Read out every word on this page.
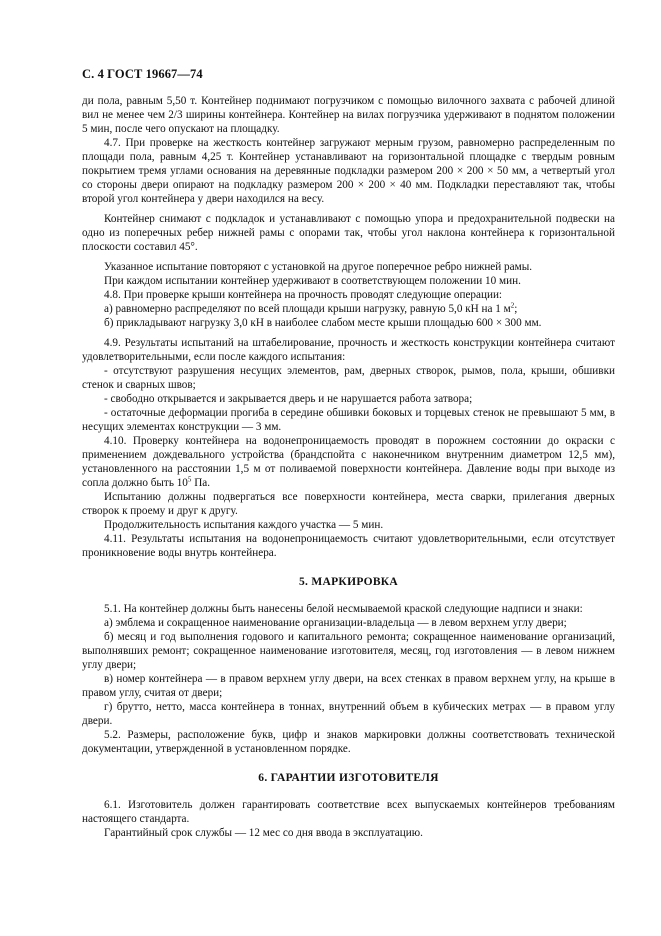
С. 4 ГОСТ 19667—74

ди пола, равным 5,50 т. Контейнер поднимают погрузчиком с помощью вилочного захвата с рабочей длиной вил не менее чем 2/3 ширины контейнера. Контейнер на вилах погрузчика удерживают в поднятом положении 5 мин, после чего опускают на площадку.

4.7. При проверке на жесткость контейнер загружают мерным грузом, равномерно распределенным по площади пола, равным 4,25 т. Контейнер устанавливают на горизонтальной площадке с твердым ровным покрытием тремя углами основания на деревянные подкладки размером 200 × 200 × 50 мм, а четвертый угол со стороны двери опирают на подкладку размером 200 × 200 × 40 мм. Подкладки переставляют так, чтобы второй угол контейнера у двери находился на весу.

Контейнер снимают с подкладок и устанавливают с помощью упора и предохранительной подвески на одно из поперечных ребер нижней рамы с опорами так, чтобы угол наклона контейнера к горизонтальной плоскости составил 45°.

Указанное испытание повторяют с установкой на другое поперечное ребро нижней рамы.

При каждом испытании контейнер удерживают в соответствующем положении 10 мин.

4.8. При проверке крыши контейнера на прочность проводят следующие операции:

а) равномерно распределяют по всей площади крыши нагрузку, равную 5,0 кН на 1 $м^2$;

б) прикладывают нагрузку 3,0 кН в наиболее слабом месте крыши площадью 600 × 300 мм.

4.9. Результаты испытаний на штабелирование, прочность и жесткость конструкции контейнера считают удовлетворительными, если после каждого испытания:

- отсутствуют разрушения несущих элементов, рам, дверных створок, рымов, пола, крыши, обшивки стенок и сварных швов;

- свободно открывается и закрывается дверь и не нарушается работа затвора;

- остаточные деформации прогиба в середине обшивки боковых и торцевых стенок не превышают 5 мм, в несущих элементах конструкции — 3 мм.

4.10. Проверку контейнера на водонепроницаемость проводят в порожнем состоянии до окраски с применением дождевального устройства (брандспойта с наконечником внутренним диаметром 12,5 мм), установленного на расстоянии 1,5 м от поливаемой поверхности контейнера. Давление воды при выходе из сопла должно быть $10^5$ Па.

Испытанию должны подвергаться все поверхности контейнера, места сварки, прилегания дверных створок к проему и друг к другу.

Продолжительность испытания каждого участка — 5 мин.

4.11. Результаты испытания на водонепроницаемость считают удовлетворительными, если отсутствует проникновение воды внутрь контейнера.

5. МАРКИРОВКА

5.1. На контейнер должны быть нанесены белой несмываемой краской следующие надписи и знаки:

а) эмблема и сокращенное наименование организации-владельца — в левом верхнем углу двери;

б) месяц и год выполнения годового и капитального ремонта; сокращенное наименование организаций, выполнявших ремонт; сокращенное наименование изготовителя, месяц, год изготовления — в левом нижнем углу двери;

в) номер контейнера — в правом верхнем углу двери, на всех стенках в правом верхнем углу, на крыше в правом углу, считая от двери;

г) брутто, нетто, масса контейнера в тоннах, внутренний объем в кубических метрах — в правом углу двери.

5.2. Размеры, расположение букв, цифр и знаков маркировки должны соответствовать технической документации, утвержденной в установленном порядке.

6. ГАРАНТИИ ИЗГОТОВИТЕЛЯ

6.1. Изготовитель должен гарантировать соответствие всех выпускаемых контейнеров требованиям настоящего стандарта.

Гарантийный срок службы — 12 мес со дня ввода в эксплуатацию.
